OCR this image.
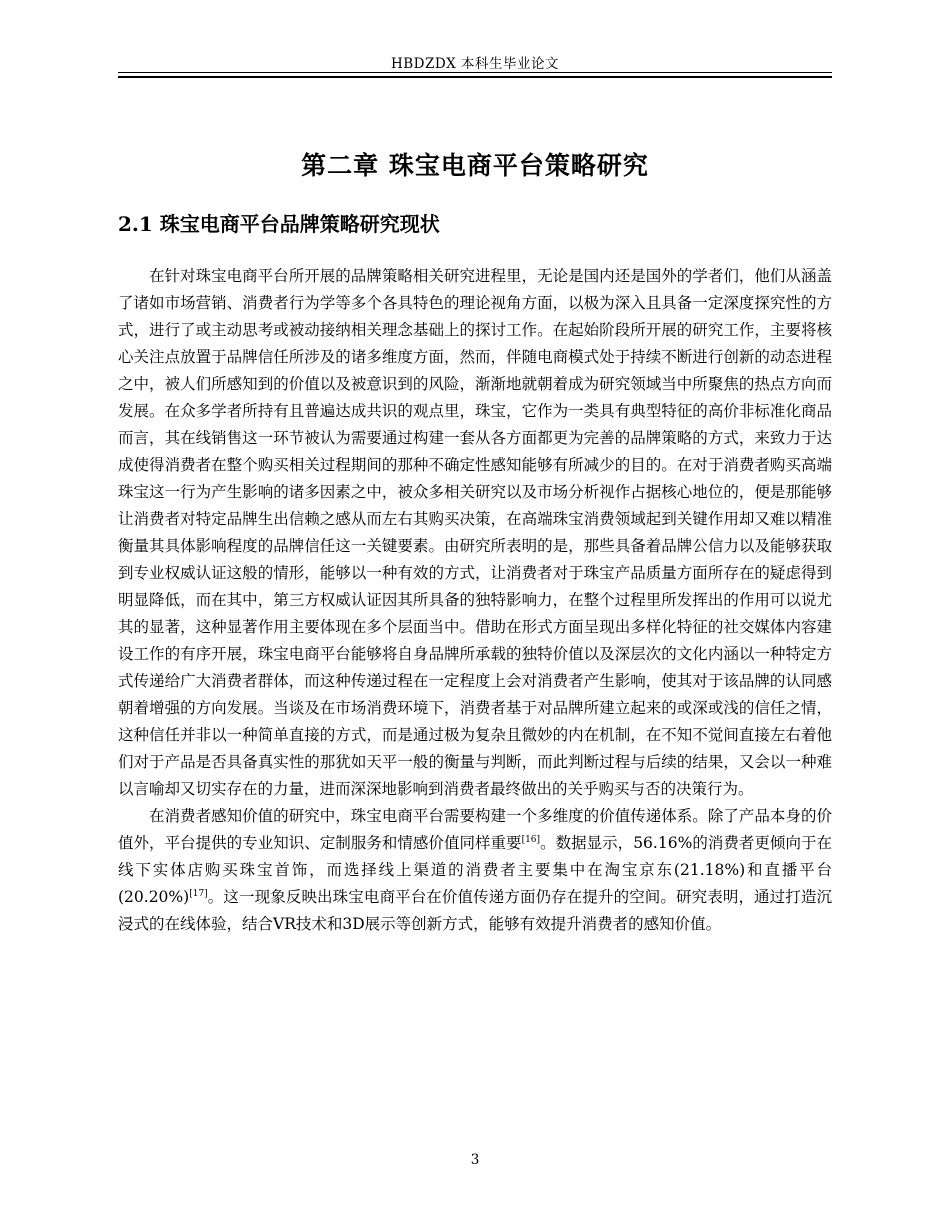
HBDZDX 本科生毕业论文
第二章 珠宝电商平台策略研究
2.1 珠宝电商平台品牌策略研究现状

在针对珠宝电商平台所开展的品牌策略相关研究进程里，无论是国内还是国外的学者们，他们从涵盖了诸如市场营销、消费者行为学等多个各具特色的理论视角方面，以极为深入且具备一定深度探究性的方式，进行了或主动思考或被动接纳相关理念基础上的探讨工作。在起始阶段所开展的研究工作，主要将核心关注点放置于品牌信任所涉及的诸多维度方面，然而，伴随电商模式处于持续不断进行创新的动态进程之中，被人们所感知到的价值以及被意识到的风险，渐渐地就朝着成为研究领域当中所聚焦的热点方向而发展。在众多学者所持有且普遍达成共识的观点里，珠宝，它作为一类具有典型特征的高价非标准化商品而言，其在线销售这一环节被认为需要通过构建一套从各方面都更为完善的品牌策略的方式，来致力于达成使得消费者在整个购买相关过程期间的那种不确定性感知能够有所减少的目的。在对于消费者购买高端珠宝这一行为产生影响的诸多因素之中，被众多相关研究以及市场分析视作占据核心地位的，便是那能够让消费者对特定品牌生出信赖之感从而左右其购买决策，在高端珠宝消费领域起到关键作用却又难以精准衡量其具体影响程度的品牌信任这一关键要素。由研究所表明的是，那些具备着品牌公信力以及能够获取到专业权威认证这般的情形，能够以一种有效的方式，让消费者对于珠宝产品质量方面所存在的疑虑得到明显降低，而在其中，第三方权威认证因其所具备的独特影响力，在整个过程里所发挥出的作用可以说尤其的显著，这种显著作用主要体现在多个层面当中。借助在形式方面呈现出多样化特征的社交媒体内容建设工作的有序开展，珠宝电商平台能够将自身品牌所承载的独特价值以及深层次的文化内涵以一种特定方式传递给广大消费者群体，而这种传递过程在一定程度上会对消费者产生影响，使其对于该品牌的认同感朝着增强的方向发展。当谈及在市场消费环境下，消费者基于对品牌所建立起来的或深或浅的信任之情，这种信任并非以一种简单直接的方式，而是通过极为复杂且微妙的内在机制，在不知不觉间直接左右着他们对于产品是否具备真实性的那犹如天平一般的衡量与判断，而此判断过程与后续的结果，又会以一种难以言喻却又切实存在的力量，进而深深地影响到消费者最终做出的关乎购买与否的决策行为。

在消费者感知价值的研究中，珠宝电商平台需要构建一个多维度的价值传递体系。除了产品本身的价值外，平台提供的专业知识、定制服务和情感价值同样重要[16]。数据显示，56.16%的消费者更倾向于在线下实体店购买珠宝首饰，而选择线上渠道的消费者主要集中在淘宝京东(21.18%)和直播平台(20.20%)[17]。这一现象反映出珠宝电商平台在价值传递方面仍存在提升的空间。研究表明，通过打造沉浸式的在线体验，结合VR技术和3D展示等创新方式，能够有效提升消费者的感知价值。

3
